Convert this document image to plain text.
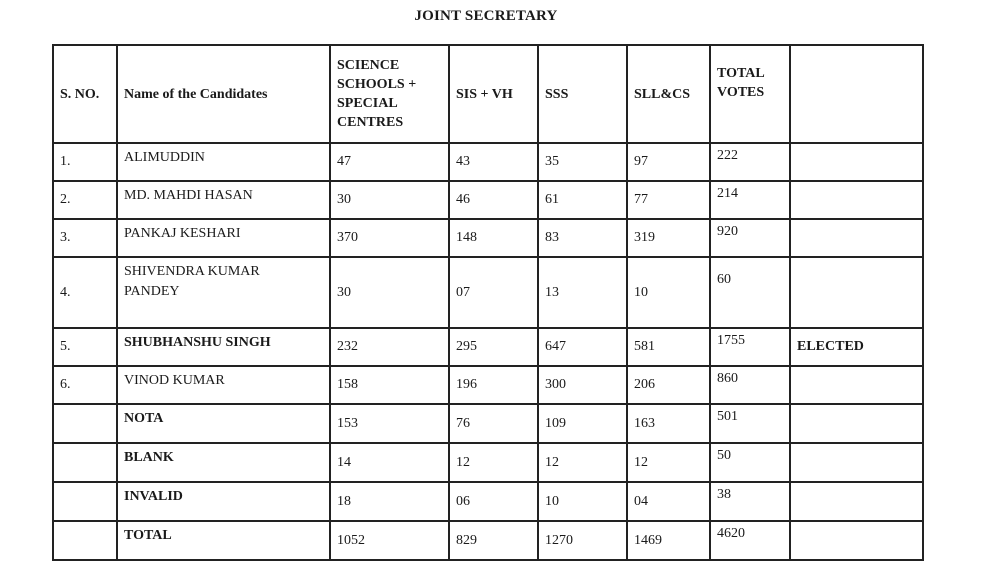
JOINT SECRETARY
S. NO.	Name of the Candidates	SCIENCE
SCHOOLS +
SPECIAL
CENTRES	SIS + VH	SSS	SLL&CS	TOTAL
VOTES	
1.	ALIMUDDIN	47	43	35	97	222	
2.	MD. MAHDI HASAN	30	46	61	77	214	
3.	PANKAJ KESHARI	370	148	83	319	920	
4.	SHIVENDRA KUMAR
PANDEY	30	07	13	10	60	
5.	SHUBHANSHU SINGH	232	295	647	581	1755	ELECTED
6.	VINOD KUMAR	158	196	300	206	860	
	NOTA	153	76	109	163	501	
	BLANK	14	12	12	12	50	
	INVALID	18	06	10	04	38	
	TOTAL	1052	829	1270	1469	4620	
